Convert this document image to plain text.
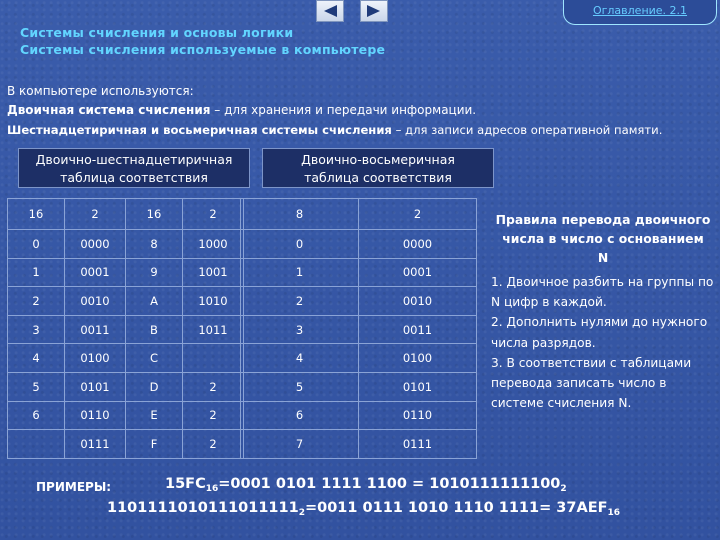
Оглавление. 2.1
Системы счисления и основы логики
Системы счисления используемые в компьютере
В компьютере используются:
Двоичная система счисления – для хранения и передачи информации.
Шестнадцетиричная и восьмеричная системы счисления – для записи адресов оперативной памяти.
Двоично-шестнадцетиричная
таблица соответствия
Двоично-восьмеричная
таблица соответствия
16	2	16	2
0	0000	8	1000
1	0001	9	1001
2	0010	A	1010
3	0011	B	1011
4	0100	C	
5	0101	D	2
6	0110	E	2
	0111	F	2
8	2
0	0000
1	0001
2	0010
3	0011
4	0100
5	0101
6	0110
7	0111
Правила перевода двоичного
числа в число с основанием
N
1. Двоичное разбить на группы по N цифр в каждой.
2. Дополнить нулями до нужного числа разрядов.
3. В соответствии с таблицами перевода записать число в системе счисления N.
ПРИМЕРЫ:	$15FC_{16}=0001$ 0101 1111 $1100 = 1010111111100_2$
$1101111010111011111_2=0011$ 0111 1010 1110 $1111= 37AEF_{16}$
